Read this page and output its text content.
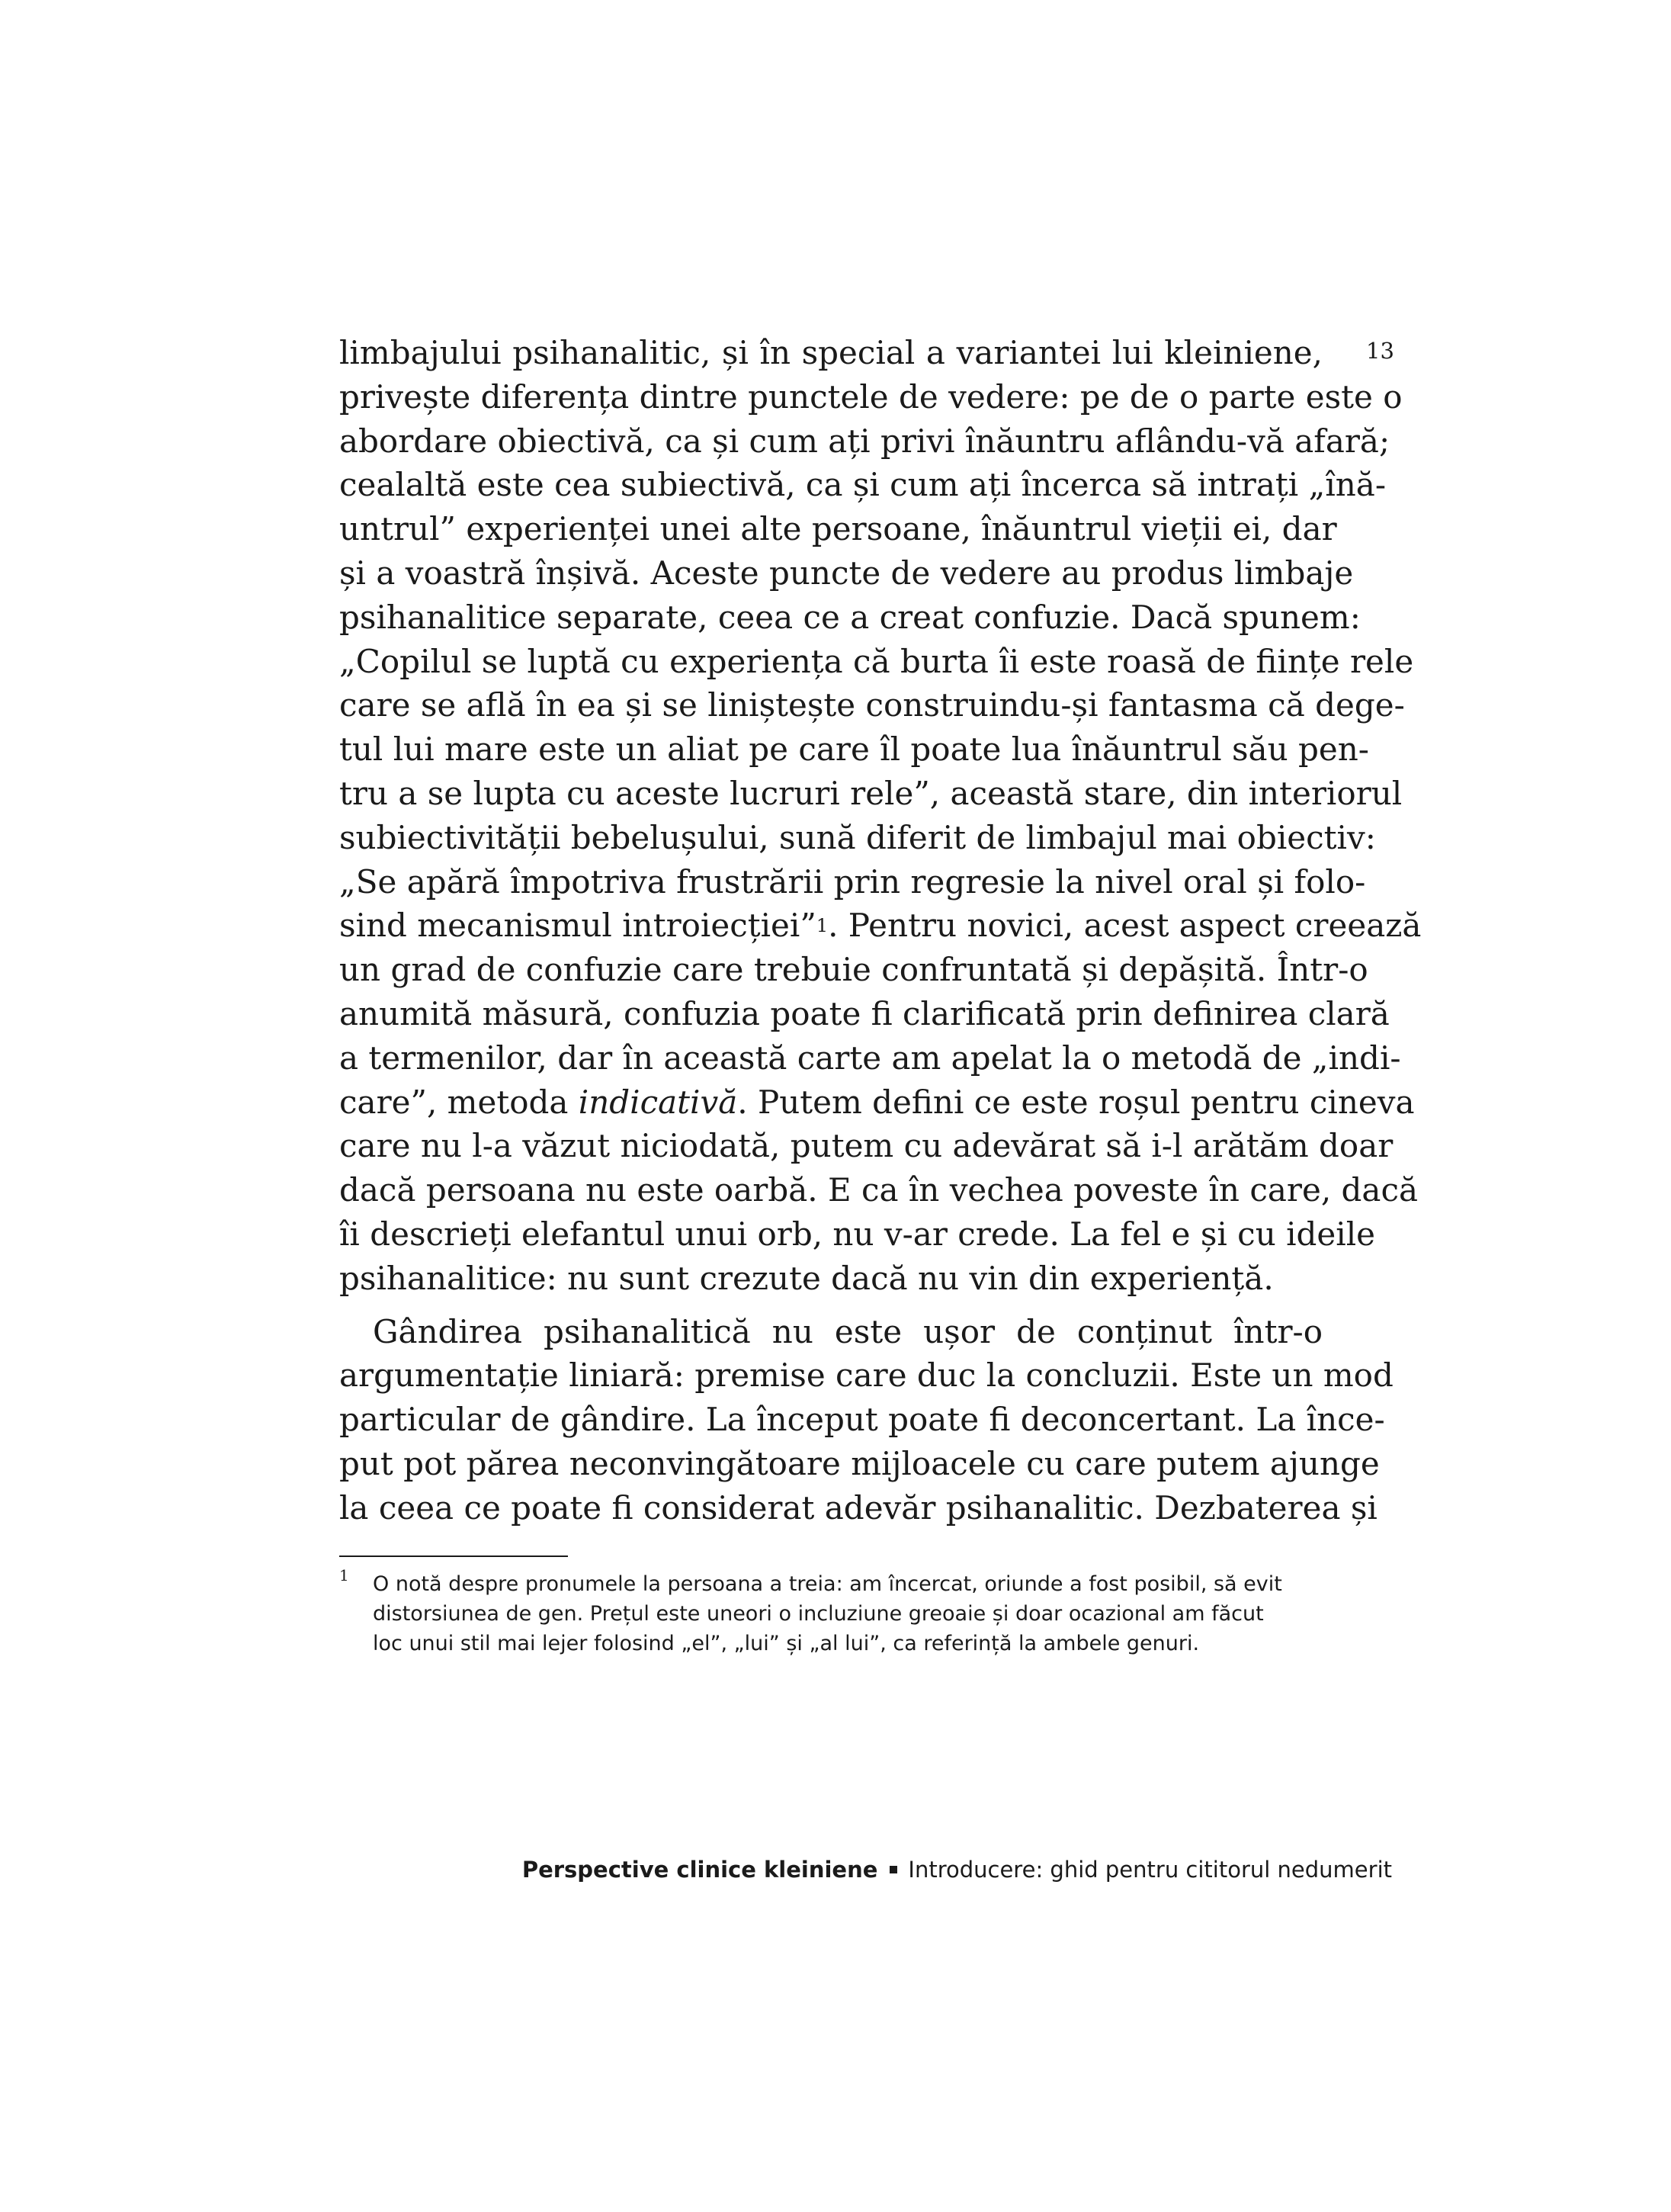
13
limbajului psihanalitic, și în special a variantei lui kleiniene,
privește diferența dintre punctele de vedere: pe de o parte este o
abordare obiectivă, ca și cum ați privi înăuntru aflându-vă afară;
cealaltă este cea subiectivă, ca și cum ați încerca să intrați „înă-
untrul” experienței unei alte persoane, înăuntrul vieții ei, dar
și a voastră înșivă. Aceste puncte de vedere au produs limbaje
psihanalitice separate, ceea ce a creat confuzie. Dacă spunem:
„Copilul se luptă cu experiența că burta îi este roasă de ființe rele
care se află în ea și se liniștește construindu-și fantasma că dege-
tul lui mare este un aliat pe care îl poate lua înăuntrul său pen-
tru a se lupta cu aceste lucruri rele”, această stare, din interiorul
subiectivității bebelușului, sună diferit de limbajul mai obiectiv:
„Se apără împotriva frustrării prin regresie la nivel oral și folo-
sind mecanismul introiecției”$^1$. Pentru novici, acest aspect creează
un grad de confuzie care trebuie confruntată și depășită. Într-o
anumită măsură, confuzia poate fi clarificată prin definirea clară
a termenilor, dar în această carte am apelat la o metodă de „indi-
care”, metoda indicativă. Putem defini ce este roșul pentru cineva
care nu l-a văzut niciodată, putem cu adevărat să i-l arătăm doar
dacă persoana nu este oarbă. E ca în vechea poveste în care, dacă
îi descrieți elefantul unui orb, nu v-ar crede. La fel e și cu ideile
psihanalitice: nu sunt crezute dacă nu vin din experiență.
Gândirea psihanalitică nu este ușor de conținut într-o
argumentație liniară: premise care duc la concluzii. Este un mod
particular de gândire. La început poate fi deconcertant. La înce-
put pot părea neconvingătoare mijloacele cu care putem ajunge
la ceea ce poate fi considerat adevăr psihanalitic. Dezbaterea și
1 O notă despre pronumele la persoana a treia: am încercat, oriunde a fost posibil, să evit
distorsiunea de gen. Prețul este uneori o incluziune greoaie și doar ocazional am făcut
loc unui stil mai lejer folosind „el”, „lui” și „al lui”, ca referință la ambele genuri.
Perspective clinice kleiniene Introducere: ghid pentru cititorul nedumerit
